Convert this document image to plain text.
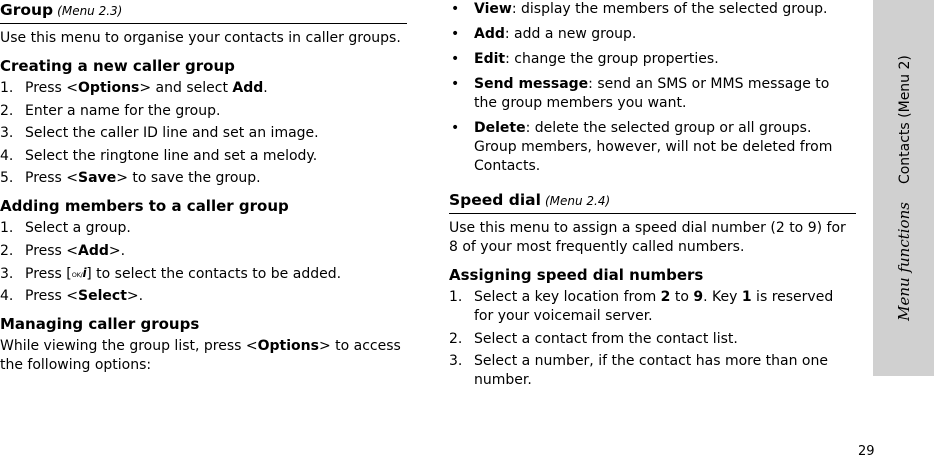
Group (Menu 2.3)

Use this menu to organise your contacts in caller groups.

Creating a new caller group
1. Press <Options> and select Add.
2. Enter a name for the group.
3. Select the caller ID line and set an image.
4. Select the ringtone line and set a melody.
5. Press <Save> to save the group.
Adding members to a caller group
1. Select a group.
2. Press <Add>.
3. Press [OK/i] to select the contacts to be added.
4. Press <Select>.
Managing caller groups

While viewing the group list, press <Options> to access the following options:

• View: display the members of the selected group.
• Add: add a new group.
• Edit: change the group properties.
• Send message: send an SMS or MMS message to the group members you want.
• Delete: delete the selected group or all groups. Group members, however, will not be deleted from Contacts.
Speed dial (Menu 2.4)

Use this menu to assign a speed dial number (2 to 9) for 8 of your most frequently called numbers.

Assigning speed dial numbers
1. Select a key location from 2 to 9. Key 1 is reserved for your voicemail server.
2. Select a contact from the contact list.
3. Select a number, if the contact has more than one number.
Menu functionsContacts (Menu 2)
29
